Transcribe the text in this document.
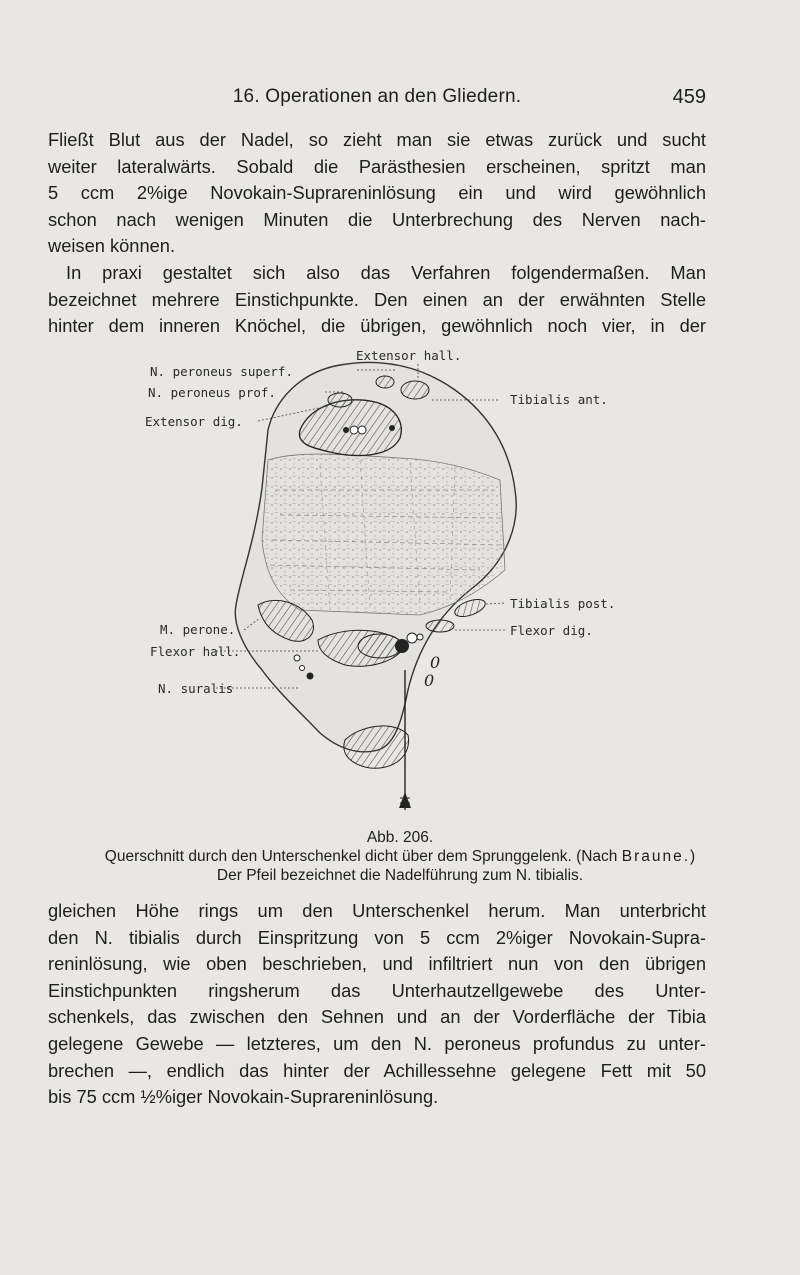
16. Operationen an den Gliedern.	459
Fließt Blut aus der Nadel, so zieht man sie etwas zurück und sucht
weiter lateralwärts. Sobald die Parästhesien erscheinen, spritzt man
5 ccm 2%ige Novokain-Suprareninlösung ein und wird gewöhnlich
schon nach wenigen Minuten die Unterbrechung des Nerven nach-
weisen können.
In praxi gestaltet sich also das Verfahren folgendermaßen. Man
bezeichnet mehrere Einstichpunkte. Den einen an der erwähnten Stelle
hinter dem inneren Knöchel, die übrigen, gewöhnlich noch vier, in der
0
0
Extensor hall.
N. peroneus superf.
N. peroneus prof.	Tibialis ant.
Extensor dig.
Tibialis post.
M. perone.	Flexor dig.
Flexor hall.
N. suralis
Abb. 206.
Querschnitt durch den Unterschenkel dicht über dem Sprunggelenk. (Nach Braune.)
Der Pfeil bezeichnet die Nadelführung zum N. tibialis.
gleichen Höhe rings um den Unterschenkel herum. Man unterbricht
den N. tibialis durch Einspritzung von 5 ccm 2%iger Novokain-Supra-
reninlösung, wie oben beschrieben, und infiltriert nun von den übrigen
Einstichpunkten ringsherum das Unterhautzellgewebe des Unter-
schenkels, das zwischen den Sehnen und an der Vorderfläche der Tibia
gelegene Gewebe — letzteres, um den N. peroneus profundus zu unter-
brechen —, endlich das hinter der Achillessehne gelegene Fett mit 50
bis 75 ccm ½%iger Novokain-Suprareninlösung.
